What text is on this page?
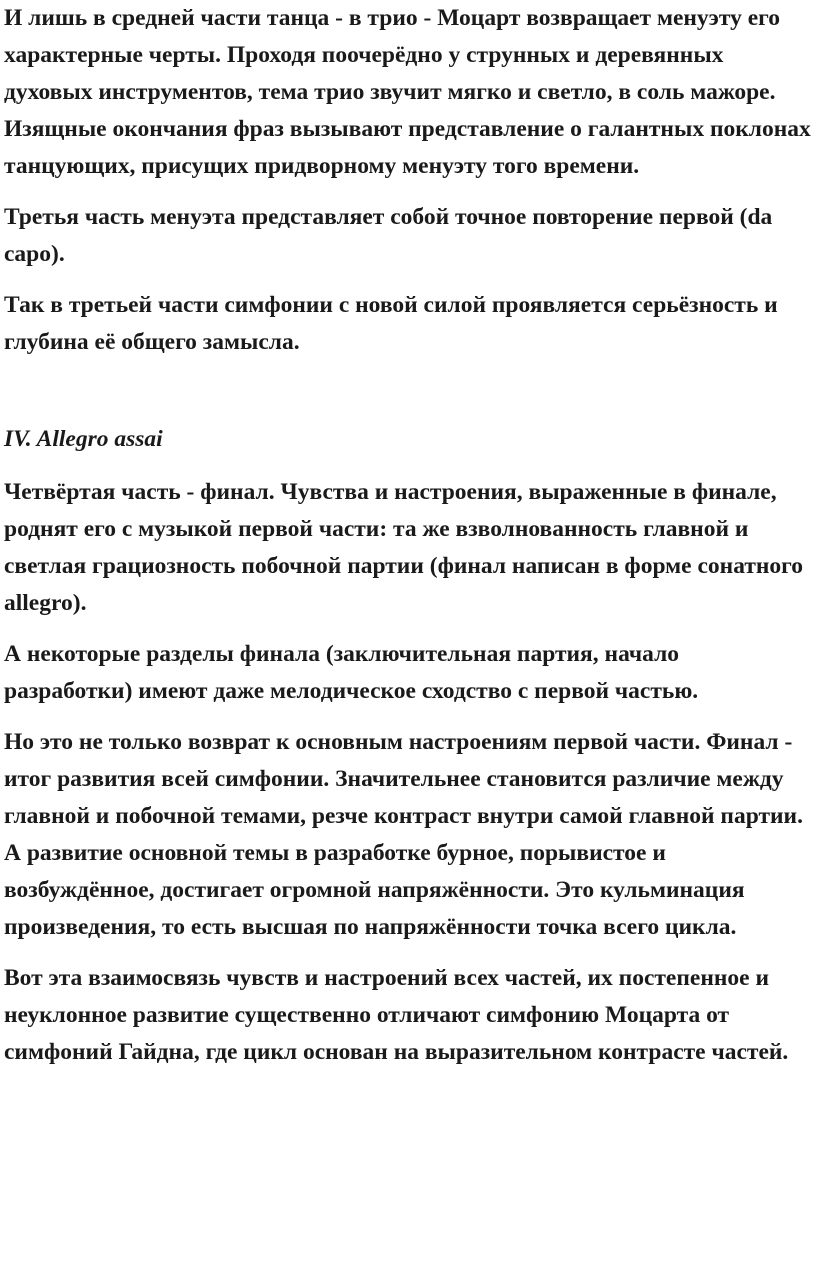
И лишь в средней части танца - в трио - Моцарт возвращает менуэту его характерные черты. Проходя поочерёдно у струнных и деревянных духовых инструментов, тема трио звучит мягко и светло, в соль мажоре. Изящные окончания фраз вызывают представление о галантных поклонах танцующих, присущих придворному менуэту того времени.

Третья часть менуэта представляет собой точное повторение первой (da capo).

Так в третьей части симфонии с новой силой проявляется серьёзность и глубина её общего замысла.

IV. Allegro assai

Четвёртая часть - финал. Чувства и настроения, выраженные в финале, роднят его с музыкой первой части: та же взволнованность главной и светлая грациозность побочной партии (финал написан в форме сонатного allegro).

А некоторые разделы финала (заключительная партия, начало разработки) имеют даже мелодическое сходство с первой частью.

Но это не только возврат к основным настроениям первой части. Финал - итог развития всей симфонии. Значительнее становится различие между главной и побочной темами, резче контраст внутри самой главной партии. А развитие основной темы в разработке бурное, порывистое и возбуждённое, достигает огромной напряжённости. Это кульминация произведения, то есть высшая по напряжённости точка всего цикла.

Вот эта взаимосвязь чувств и настроений всех частей, их постепенное и неуклонное развитие существенно отличают симфонию Моцарта от симфоний Гайдна, где цикл основан на выразительном контрасте частей.
